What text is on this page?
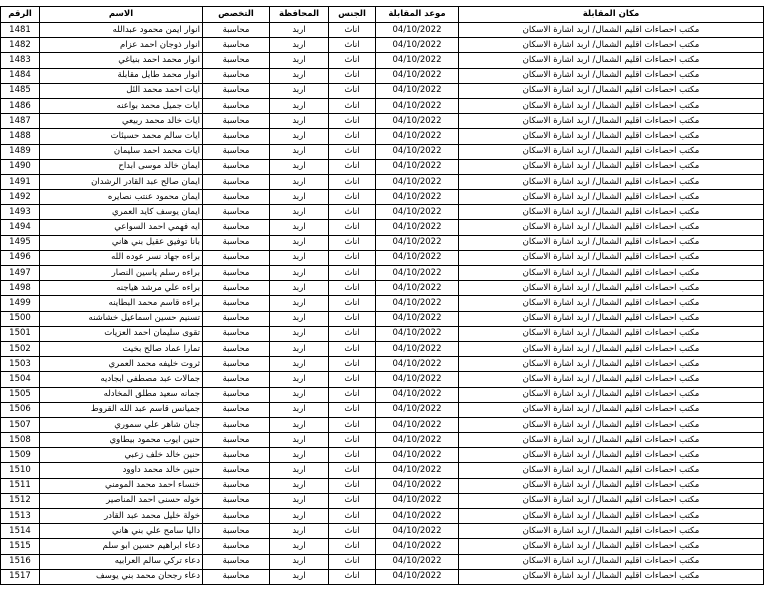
مكان المقابلة	موعد المقابلة	الجنس	المحافظة	التخصص	الاسم	الرقم
مكتب احصاءات اقليم الشمال/ اربد اشارة الاسكان	04/10/2022	اناث	اربد	محاسبة	انوار ايمن محمود عبدالله	1481
مكتب احصاءات اقليم الشمال/ اربد اشارة الاسكان	04/10/2022	اناث	اربد	محاسبة	انوار ذوجان احمد عزام	1482
مكتب احصاءات اقليم الشمال/ اربد اشارة الاسكان	04/10/2022	اناث	اربد	محاسبة	انوار محمد احمد بنياغي	1483
مكتب احصاءات اقليم الشمال/ اربد اشارة الاسكان	04/10/2022	اناث	اربد	محاسبة	انوار محمد طايل مقابلة	1484
مكتب احصاءات اقليم الشمال/ اربد اشارة الاسكان	04/10/2022	اناث	اربد	محاسبة	ايات احمد محمد الئل	1485
مكتب احصاءات اقليم الشمال/ اربد اشارة الاسكان	04/10/2022	اناث	اربد	محاسبة	ايات جميل محمد بواعنه	1486
مكتب احصاءات اقليم الشمال/ اربد اشارة الاسكان	04/10/2022	اناث	اربد	محاسبة	ايات خالد محمد ربيعي	1487
مكتب احصاءات اقليم الشمال/ اربد اشارة الاسكان	04/10/2022	اناث	اربد	محاسبة	ايات سالم محمد حسيئات	1488
مكتب احصاءات اقليم الشمال/ اربد اشارة الاسكان	04/10/2022	اناث	اربد	محاسبة	ايات محمد احمد سليمان	1489
مكتب احصاءات اقليم الشمال/ اربد اشارة الاسكان	04/10/2022	اناث	اربد	محاسبة	ايمان خالد موسى ابداح	1490
مكتب احصاءات اقليم الشمال/ اربد اشارة الاسكان	04/10/2022	اناث	اربد	محاسبة	ايمان صالح عبد القادر الرشدان	1491
مكتب احصاءات اقليم الشمال/ اربد اشارة الاسكان	04/10/2022	اناث	اربد	محاسبة	ايمان محمود عنتب نصايره	1492
مكتب احصاءات اقليم الشمال/ اربد اشارة الاسكان	04/10/2022	اناث	اربد	محاسبة	ايمان يوسف كايد العمري	1493
مكتب احصاءات اقليم الشمال/ اربد اشارة الاسكان	04/10/2022	اناث	اربد	محاسبة	ايه فهمي احمد السواعي	1494
مكتب احصاءات اقليم الشمال/ اربد اشارة الاسكان	04/10/2022	اناث	اربد	محاسبة	بانا توفيق عقيل بني هاني	1495
مكتب احصاءات اقليم الشمال/ اربد اشارة الاسكان	04/10/2022	اناث	اربد	محاسبة	براءه جهاد نسر عوده الله	1496
مكتب احصاءات اقليم الشمال/ اربد اشارة الاسكان	04/10/2022	اناث	اربد	محاسبة	براءه رسلم ياسين النصار	1497
مكتب احصاءات اقليم الشمال/ اربد اشارة الاسكان	04/10/2022	اناث	اربد	محاسبة	براءه علي مرشد هياجنه	1498
مكتب احصاءات اقليم الشمال/ اربد اشارة الاسكان	04/10/2022	اناث	اربد	محاسبة	براءه قاسم محمد البطاينه	1499
مكتب احصاءات اقليم الشمال/ اربد اشارة الاسكان	04/10/2022	اناث	اربد	محاسبة	تسنيم حسين اسماعيل خشاشنه	1500
مكتب احصاءات اقليم الشمال/ اربد اشارة الاسكان	04/10/2022	اناث	اربد	محاسبة	تقوى سليمان احمد العزيات	1501
مكتب احصاءات اقليم الشمال/ اربد اشارة الاسكان	04/10/2022	اناث	اربد	محاسبة	تمارا عماد صالح بخيت	1502
مكتب احصاءات اقليم الشمال/ اربد اشارة الاسكان	04/10/2022	اناث	اربد	محاسبة	ثروت خليفه محمد العمري	1503
مكتب احصاءات اقليم الشمال/ اربد اشارة الاسكان	04/10/2022	اناث	اربد	محاسبة	جمالات عبد مصطفى ابجاديه	1504
مكتب احصاءات اقليم الشمال/ اربد اشارة الاسكان	04/10/2022	اناث	اربد	محاسبة	جمانه سعيد مطلق المخادله	1505
مكتب احصاءات اقليم الشمال/ اربد اشارة الاسكان	04/10/2022	اناث	اربد	محاسبة	جميانس قاسم عبد الله القروط	1506
مكتب احصاءات اقليم الشمال/ اربد اشارة الاسكان	04/10/2022	اناث	اربد	محاسبة	جنان شاهر علي سموري	1507
مكتب احصاءات اقليم الشمال/ اربد اشارة الاسكان	04/10/2022	اناث	اربد	محاسبة	حنين ايوب محمود بيطاوي	1508
مكتب احصاءات اقليم الشمال/ اربد اشارة الاسكان	04/10/2022	اناث	اربد	محاسبة	حنين خالد خلف زعبي	1509
مكتب احصاءات اقليم الشمال/ اربد اشارة الاسكان	04/10/2022	اناث	اربد	محاسبة	حنين خالد محمد داوود	1510
مكتب احصاءات اقليم الشمال/ اربد اشارة الاسكان	04/10/2022	اناث	اربد	محاسبة	خنساء احمد محمد المومني	1511
مكتب احصاءات اقليم الشمال/ اربد اشارة الاسكان	04/10/2022	اناث	اربد	محاسبة	خوله حسنى احمد المناصير	1512
مكتب احصاءات اقليم الشمال/ اربد اشارة الاسكان	04/10/2022	اناث	اربد	محاسبة	خولة خليل محمد عبد القادر	1513
مكتب احصاءات اقليم الشمال/ اربد اشارة الاسكان	04/10/2022	اناث	اربد	محاسبة	داليا سامح علي بني هاني	1514
مكتب احصاءات اقليم الشمال/ اربد اشارة الاسكان	04/10/2022	اناث	اربد	محاسبة	دعاء ابراهيم حسين ابو سلم	1515
مكتب احصاءات اقليم الشمال/ اربد اشارة الاسكان	04/10/2022	اناث	اربد	محاسبة	دعاء تركي سالم العرابيه	1516
مكتب احصاءات اقليم الشمال/ اربد اشارة الاسكان	04/10/2022	اناث	اربد	محاسبة	دعاء رجحان محمد بني يوسف	1517
